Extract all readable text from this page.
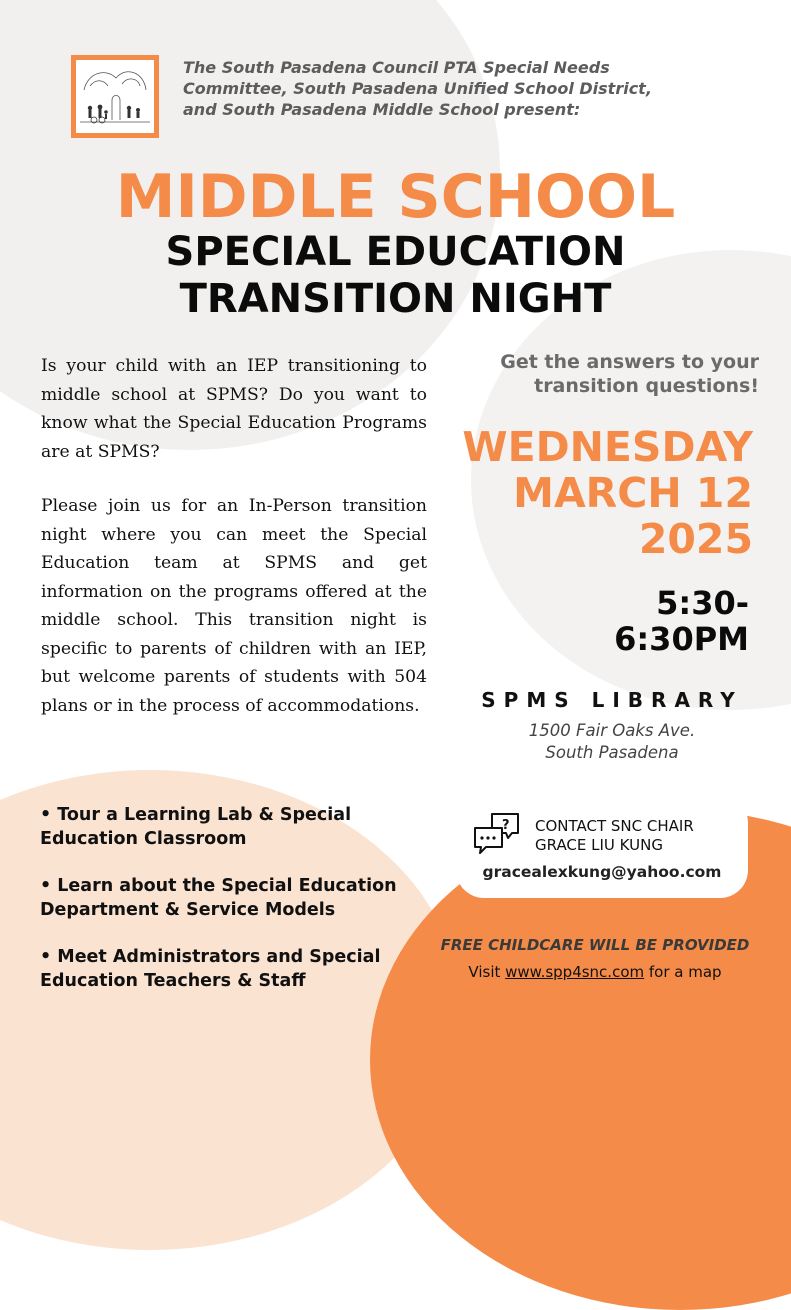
The South Pasadena Council PTA Special Needs
Committee, South Pasadena Unified School District,
and South Pasadena Middle School present:
MIDDLE SCHOOL
SPECIAL EDUCATION
TRANSITION NIGHT
Is your child with an IEP transitioning to middle school at SPMS? Do you want to know what the Special Education Programs are at SPMS?
Please join us for an In-Person transition night where you can meet the Special Education team at SPMS and get information on the programs offered at the middle school. This transition night is specific to parents of children with an IEP, but welcome parents of students with 504 plans or in the process of accommodations.
Get the answers to your
transition questions!
WEDNESDAY
MARCH 12
2025
5:30-
6:30PM
SPMS LIBRARY
1500 Fair Oaks Ave.
South Pasadena
• Tour a Learning Lab & Special Education Classroom
• Learn about the Special Education Department & Service Models
• Meet Administrators and Special Education Teachers & Staff
? CONTACT SNC CHAIR
GRACE LIU KUNG
gracealexkung@yahoo.com
FREE CHILDCARE WILL BE PROVIDED
Visit www.spp4snc.com for a map
